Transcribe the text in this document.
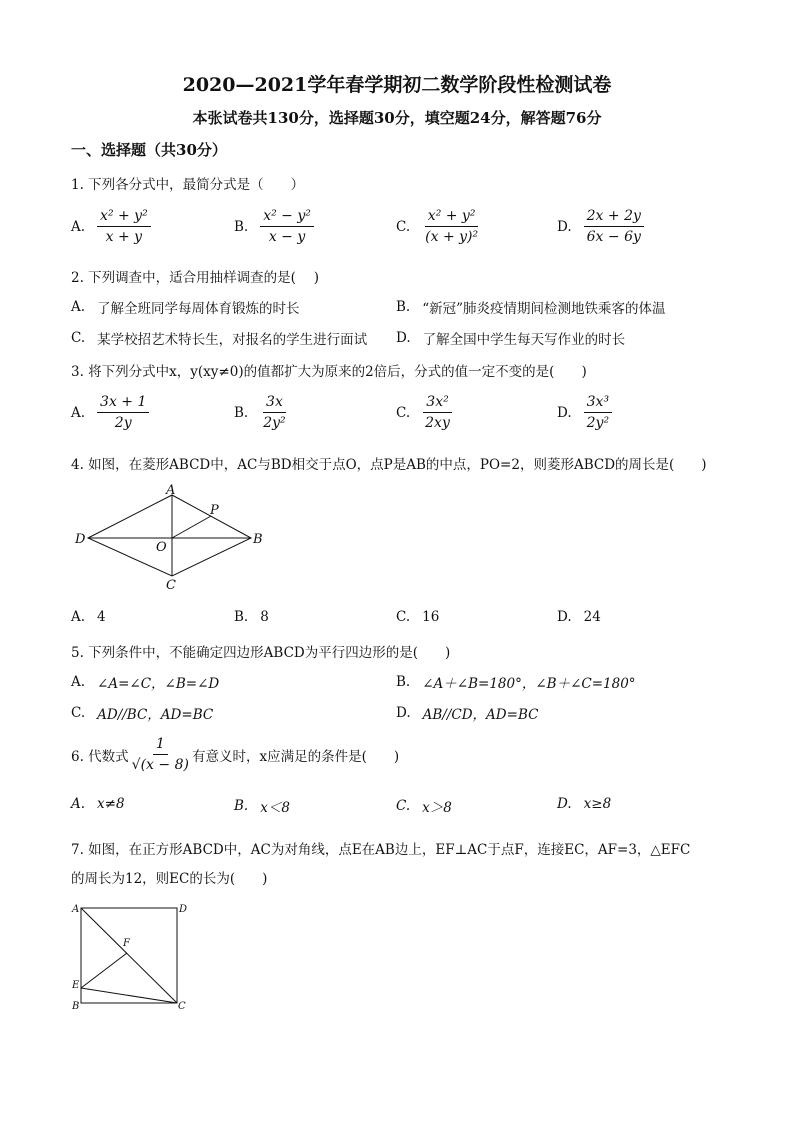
2020—2021学年春学期初二数学阶段性检测试卷
本张试卷共130分，选择题30分，填空题24分，解答题76分
一、选择题（共30分）
1. 下列各分式中，最简分式是（　　）
A. $\frac{\text{x² + y²}}{x + y}$	B. $\frac{\text{x² − y²}}{x - y}$	C. $\frac{\text{x² + y²}}{\text{(x + y)²}}$	D. $\frac{2x + 2y}{6x - 6y}$
2. 下列调查中，适合用抽样调查的是(　 )
A. 了解全班同学每周体育锻炼的时长	B. “新冠”肺炎疫情期间检测地铁乘客的体温
C. 某学校招艺术特长生，对报名的学生进行面试 D. 了解全国中学生每天写作业的时长
3. 将下列分式中x，y(xy≠0)的值都扩大为原来的2倍后，分式的值一定不变的是(　　)
A. $\frac{3x + 1}{2y}$	B. $\frac{3x}{\text{2y²}}$	C. $\frac{\text{3x²}}{2xy}$	D. $\frac{\text{3x³}}{\text{2y²}}$
4. 如图，在菱形ABCD中，AC与BD相交于点O，点P是AB的中点，PO=2，则菱形ABCD的周长是(　　)
A
D	B
C
O
P
A. 4	B. 8	C. 16	D. 24
5. 下列条件中，不能确定四边形ABCD为平行四边形的是(　　)
A. ∠A=∠C，∠B=∠D	B. ∠A＋∠B=180°，∠B＋∠C=180°
C. AD//BC，AD=BC	D. AB//CD，AD=BC
6. 代数式 $\frac{1}{√(x - 8)}$ 有意义时，x应满足的条件是(　　)
A. x≠8	B. x＜8	C. x＞8	D. x≥8
7. 如图，在正方形ABCD中，AC为对角线，点E在AB边上，EF⊥AC于点F，连接EC，AF=3，△EFC
的周长为12，则EC的长为(　　)
A	D
F
E
B	C
